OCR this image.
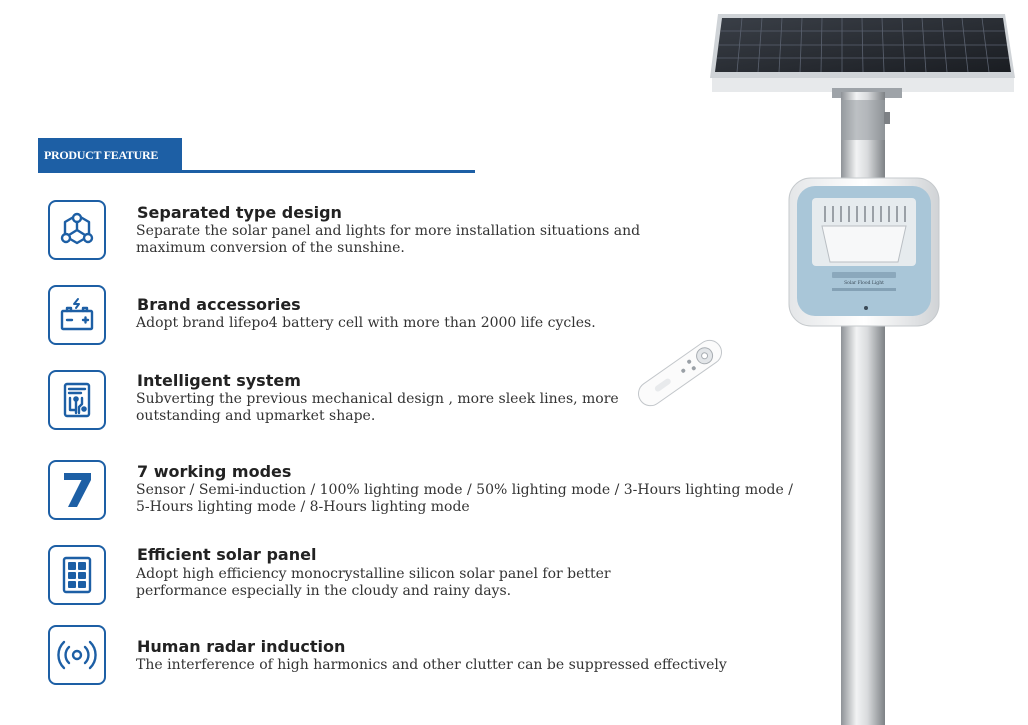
PRODUCT FEATURE
Separated type design
Separate the solar panel and lights for more installation situations and
maximum conversion of the sunshine.
Brand accessories
Adopt brand lifepo4 battery cell with more than 2000 life cycles.
Intelligent system
Subverting the previous mechanical design , more sleek lines, more
outstanding and upmarket shape.
7 working modes
Sensor / Semi-induction / 100% lighting mode / 50% lighting mode / 3-Hours lighting mode /
5-Hours lighting mode / 8-Hours lighting mode
Efficient solar panel
Adopt high efficiency monocrystalline silicon solar panel for better
performance especially in the cloudy and rainy days.
Human radar induction
The interference of high harmonics and other clutter can be suppressed effectively
Solar Flood Light
